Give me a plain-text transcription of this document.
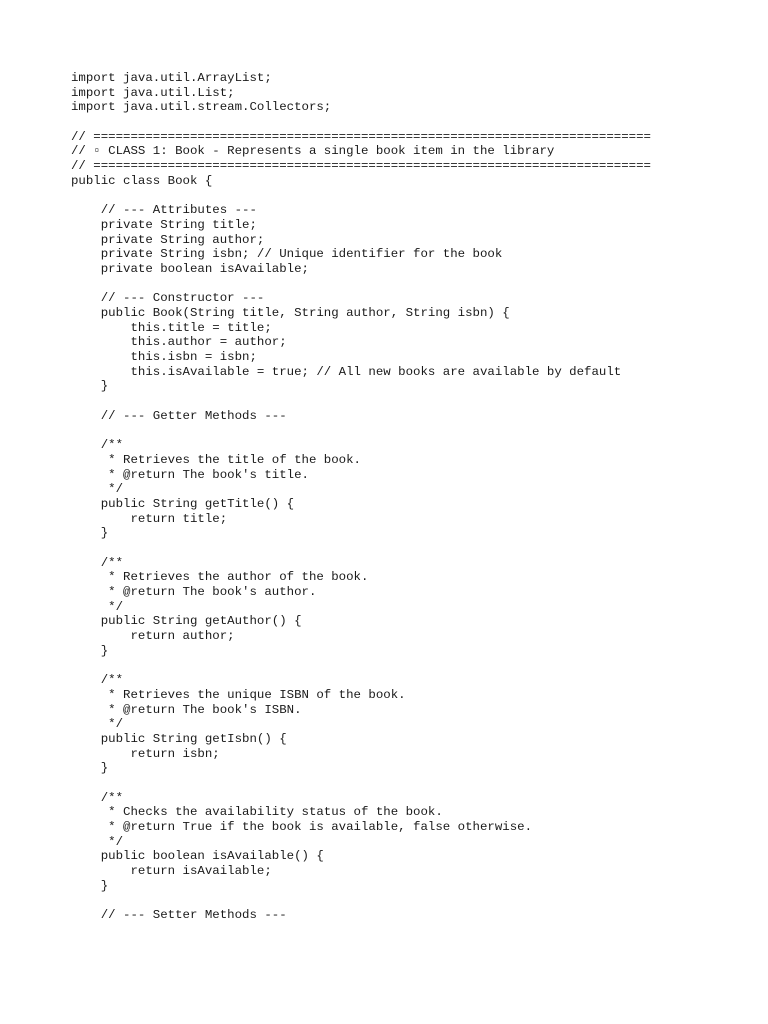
import java.util.ArrayList;
import java.util.List;
import java.util.stream.Collectors;
// ===========================================================================
// ▫ CLASS 1: Book - Represents a single book item in the library
// ===========================================================================
public class Book {
// --- Attributes ---
private String title;
private String author;
private String isbn; // Unique identifier for the book
private boolean isAvailable;
// --- Constructor ---
public Book(String title, String author, String isbn) {
this.title = title;
this.author = author;
this.isbn = isbn;
this.isAvailable = true; // All new books are available by default
}
// --- Getter Methods ---
/**
* Retrieves the title of the book.
* @return The book's title.
*/
public String getTitle() {
return title;
}
/**
* Retrieves the author of the book.
* @return The book's author.
*/
public String getAuthor() {
return author;
}
/**
* Retrieves the unique ISBN of the book.
* @return The book's ISBN.
*/
public String getIsbn() {
return isbn;
}
/**
* Checks the availability status of the book.
* @return True if the book is available, false otherwise.
*/
public boolean isAvailable() {
return isAvailable;
}
// --- Setter Methods ---
